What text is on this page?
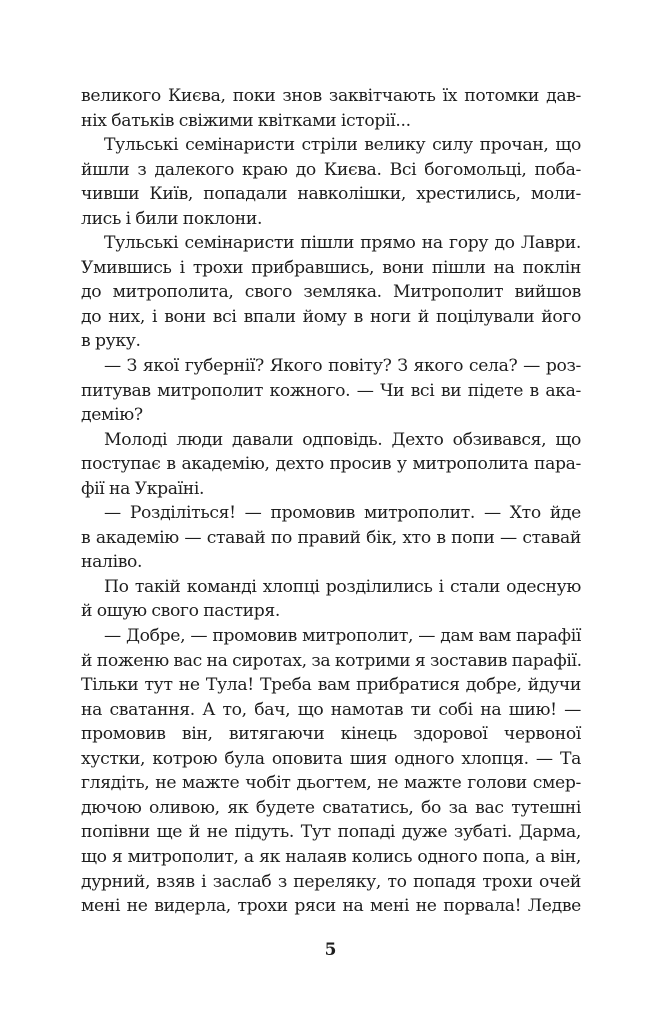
великого Києва, поки знов заквітчають їх потомки дав-
ніх батьків свіжими квітками історії...
Тульські семінаристи стріли велику силу прочан, що
йшли з далекого краю до Києва. Всі богомольці, поба-
чивши Київ, попадали навколішки, хрестились, моли-
лись і били поклони.
Тульські семінаристи пішли прямо на гору до Лаври.
Умившись і трохи прибравшись, вони пішли на поклін
до митрополита, свого земляка. Митрополит вийшов
до них, і вони всі впали йому в ноги й поцілували його
в руку.
— З якої губернії? Якого повіту? З якого села? — роз-
питував митрополит кожного. — Чи всі ви підете в ака-
демію?
Молоді люди давали одповідь. Дехто обзивався, що
поступає в академію, дехто просив у митрополита пара-
фії на Україні.
— Розділіться! — промовив митрополит. — Хто йде
в академію — ставай по правий бік, хто в попи — ставай
наліво.
По такій команді хлопці розділились і стали одесную
й ошую свого пастиря.
— Добре, — промовив митрополит, — дам вам парафії
й поженю вас на сиротах, за котрими я зоставив парафії.
Тільки тут не Тула! Треба вам прибратися добре, йдучи
на сватання. А то, бач, що намотав ти собі на шию! —
промовив він, витягаючи кінець здорової червоної
хустки, котрою була оповита шия одного хлопця. — Та
глядіть, не мажте чобіт дьогтем, не мажте голови смер-
дючою оливою, як будете свататись, бо за вас тутешні
попівни ще й не підуть. Тут попаді дуже зубаті. Дарма,
що я митрополит, а як налаяв колись одного попа, а він,
дурний, взяв і заслаб з переляку, то попадя трохи очей
мені не видерла, трохи ряси на мені не порвала! Ледве
5
